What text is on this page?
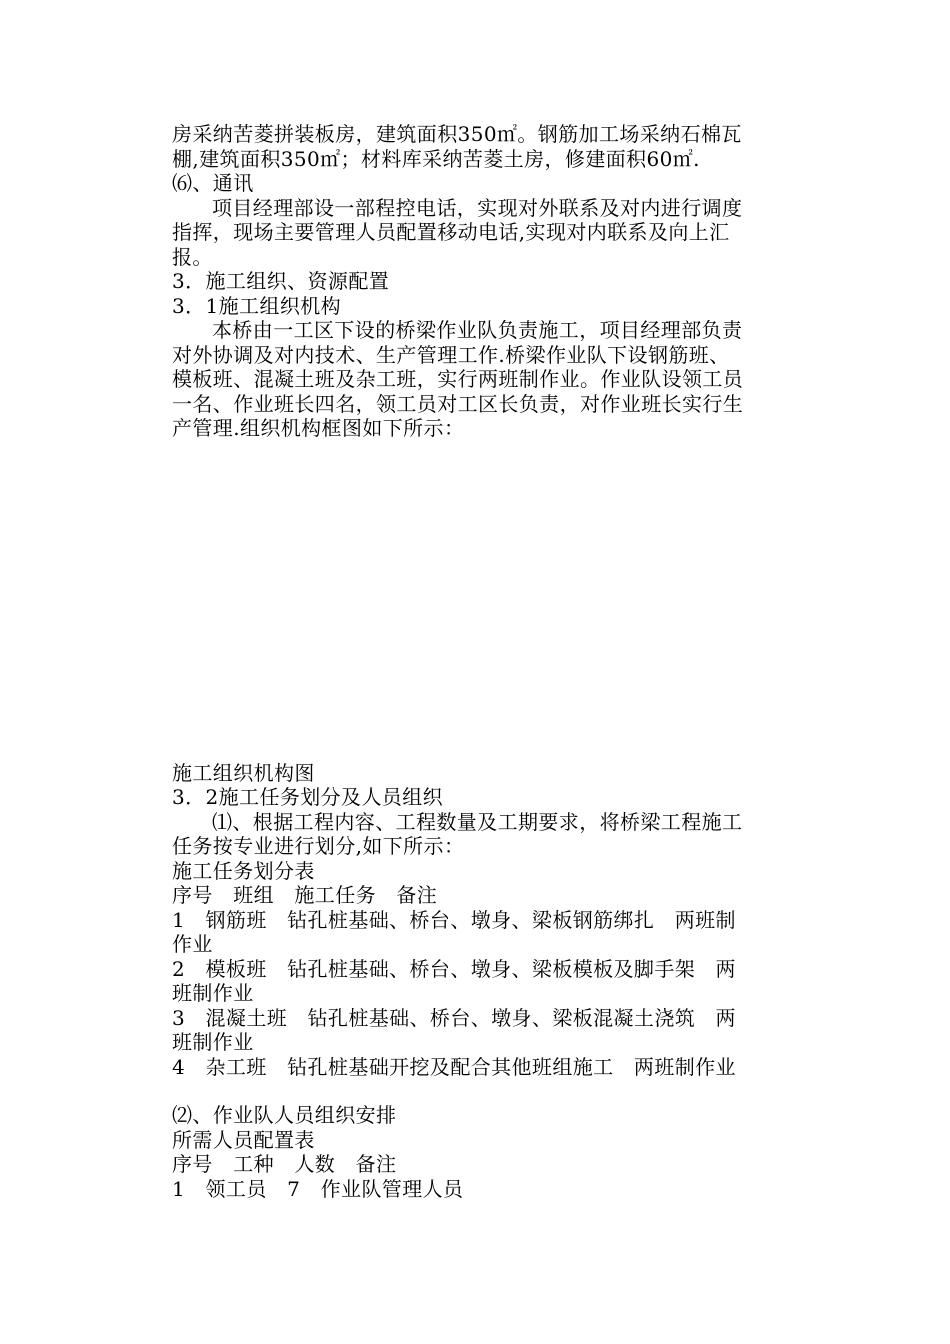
房采纳苦菱拼装板房，建筑面积350㎡。钢筋加工场采纳石棉瓦
棚,建筑面积350㎡；材料库采纳苦菱土房，修建面积60㎡.
⑹、通讯
项目经理部设一部程控电话，实现对外联系及对内进行调度
指挥，现场主要管理人员配置移动电话,实现对内联系及向上汇
报。
3．施工组织、资源配置
3．1施工组织机构
本桥由一工区下设的桥梁作业队负责施工，项目经理部负责
对外协调及对内技术、生产管理工作.桥梁作业队下设钢筋班、
模板班、混凝土班及杂工班，实行两班制作业。作业队设领工员
一名、作业班长四名，领工员对工区长负责，对作业班长实行生
产管理.组织机构框图如下所示：
施工组织机构图
3．2施工任务划分及人员组织
⑴、根据工程内容、工程数量及工期要求，将桥梁工程施工
任务按专业进行划分,如下所示：
施工任务划分表
序号　班组　施工任务　备注
1　钢筋班　钻孔桩基础、桥台、墩身、梁板钢筋绑扎　两班制
作业
2　模板班　钻孔桩基础、桥台、墩身、梁板模板及脚手架　两
班制作业
3　混凝土班　钻孔桩基础、桥台、墩身、梁板混凝土浇筑　两
班制作业
4　杂工班　钻孔桩基础开挖及配合其他班组施工　两班制作业
⑵、作业队人员组织安排
所需人员配置表
序号　工种　人数　备注
1　领工员　7　作业队管理人员
